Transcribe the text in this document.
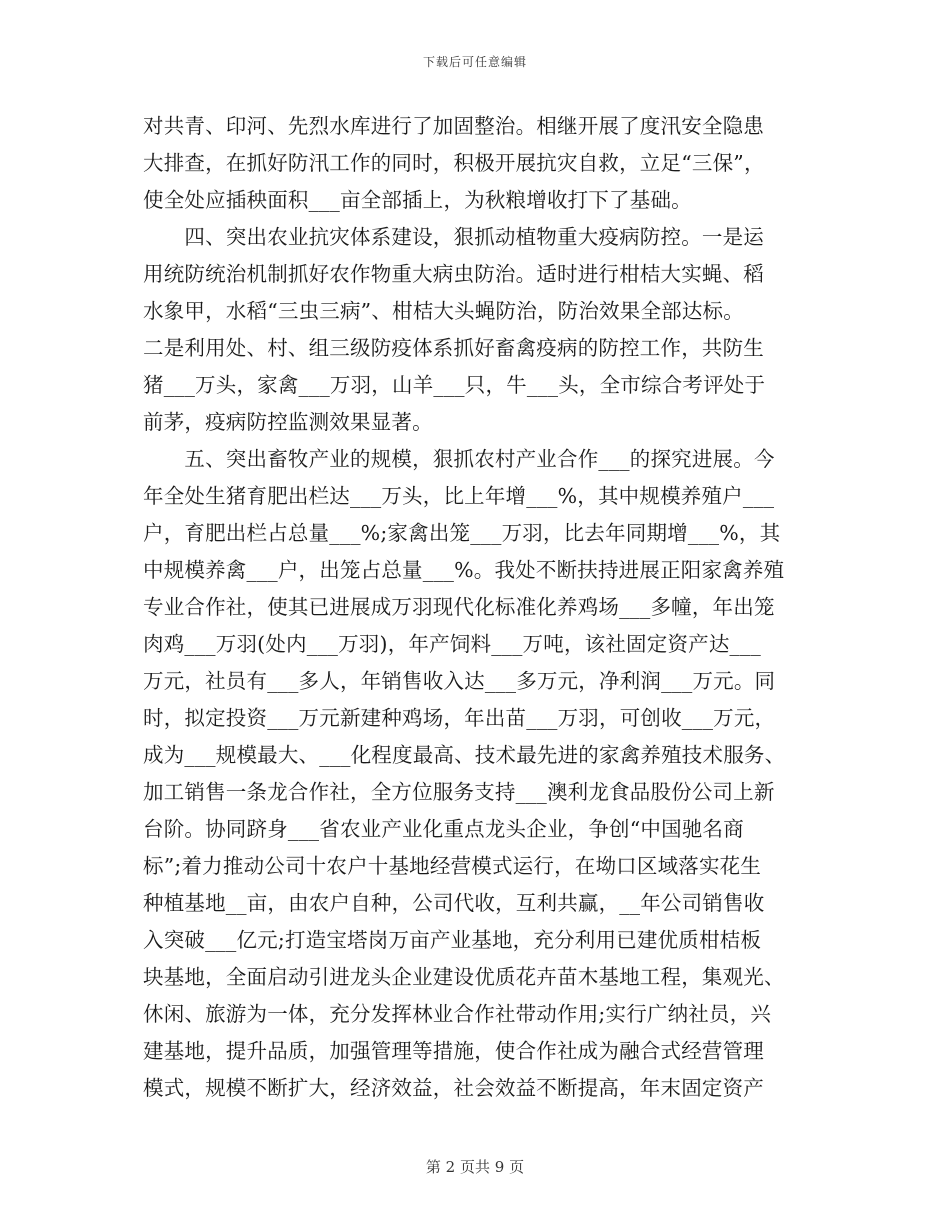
下载后可任意编辑
对共青、印河、先烈水库进行了加固整治。相继开展了度汛安全隐患
大排查，在抓好防汛工作的同时，积极开展抗灾自救，立足“三保”，
使全处应插秧面积___亩全部插上，为秋粮增收打下了基础。
　　四、突出农业抗灾体系建设，狠抓动植物重大疫病防控。一是运
用统防统治机制抓好农作物重大病虫防治。适时进行柑桔大实蝇、稻
水象甲，水稻“三虫三病”、柑桔大头蝇防治，防治效果全部达标。
二是利用处、村、组三级防疫体系抓好畜禽疫病的防控工作，共防生
猪___万头，家禽___万羽，山羊___只，牛___头，全市综合考评处于
前茅，疫病防控监测效果显著。
　　五、突出畜牧产业的规模，狠抓农村产业合作___的探究进展。今
年全处生猪育肥出栏达___万头，比上年增___%，其中规模养殖户___
户，育肥出栏占总量___%;家禽出笼___万羽，比去年同期增___%，其
中规模养禽___户，出笼占总量___%。我处不断扶持进展正阳家禽养殖
专业合作社，使其已进展成万羽现代化标准化养鸡场___多幢，年出笼
肉鸡___万羽(处内___万羽)，年产饲料___万吨，该社固定资产达___
万元，社员有___多人，年销售收入达___多万元，净利润___万元。同
时，拟定投资___万元新建种鸡场，年出苗___万羽，可创收___万元，
成为___规模最大、___化程度最高、技术最先进的家禽养殖技术服务、
加工销售一条龙合作社，全方位服务支持___澳利龙食品股份公司上新
台阶。协同跻身___省农业产业化重点龙头企业，争创“中国驰名商
标”;着力推动公司十农户十基地经营模式运行，在坳口区域落实花生
种植基地__亩，由农户自种，公司代收，互利共赢，__年公司销售收
入突破___亿元;打造宝塔岗万亩产业基地，充分利用已建优质柑桔板
块基地，全面启动引进龙头企业建设优质花卉苗木基地工程，集观光、
休闲、旅游为一体，充分发挥林业合作社带动作用;实行广纳社员，兴
建基地，提升品质，加强管理等措施，使合作社成为融合式经营管理
模式，规模不断扩大，经济效益，社会效益不断提高，年末固定资产
第 2 页共 9 页
